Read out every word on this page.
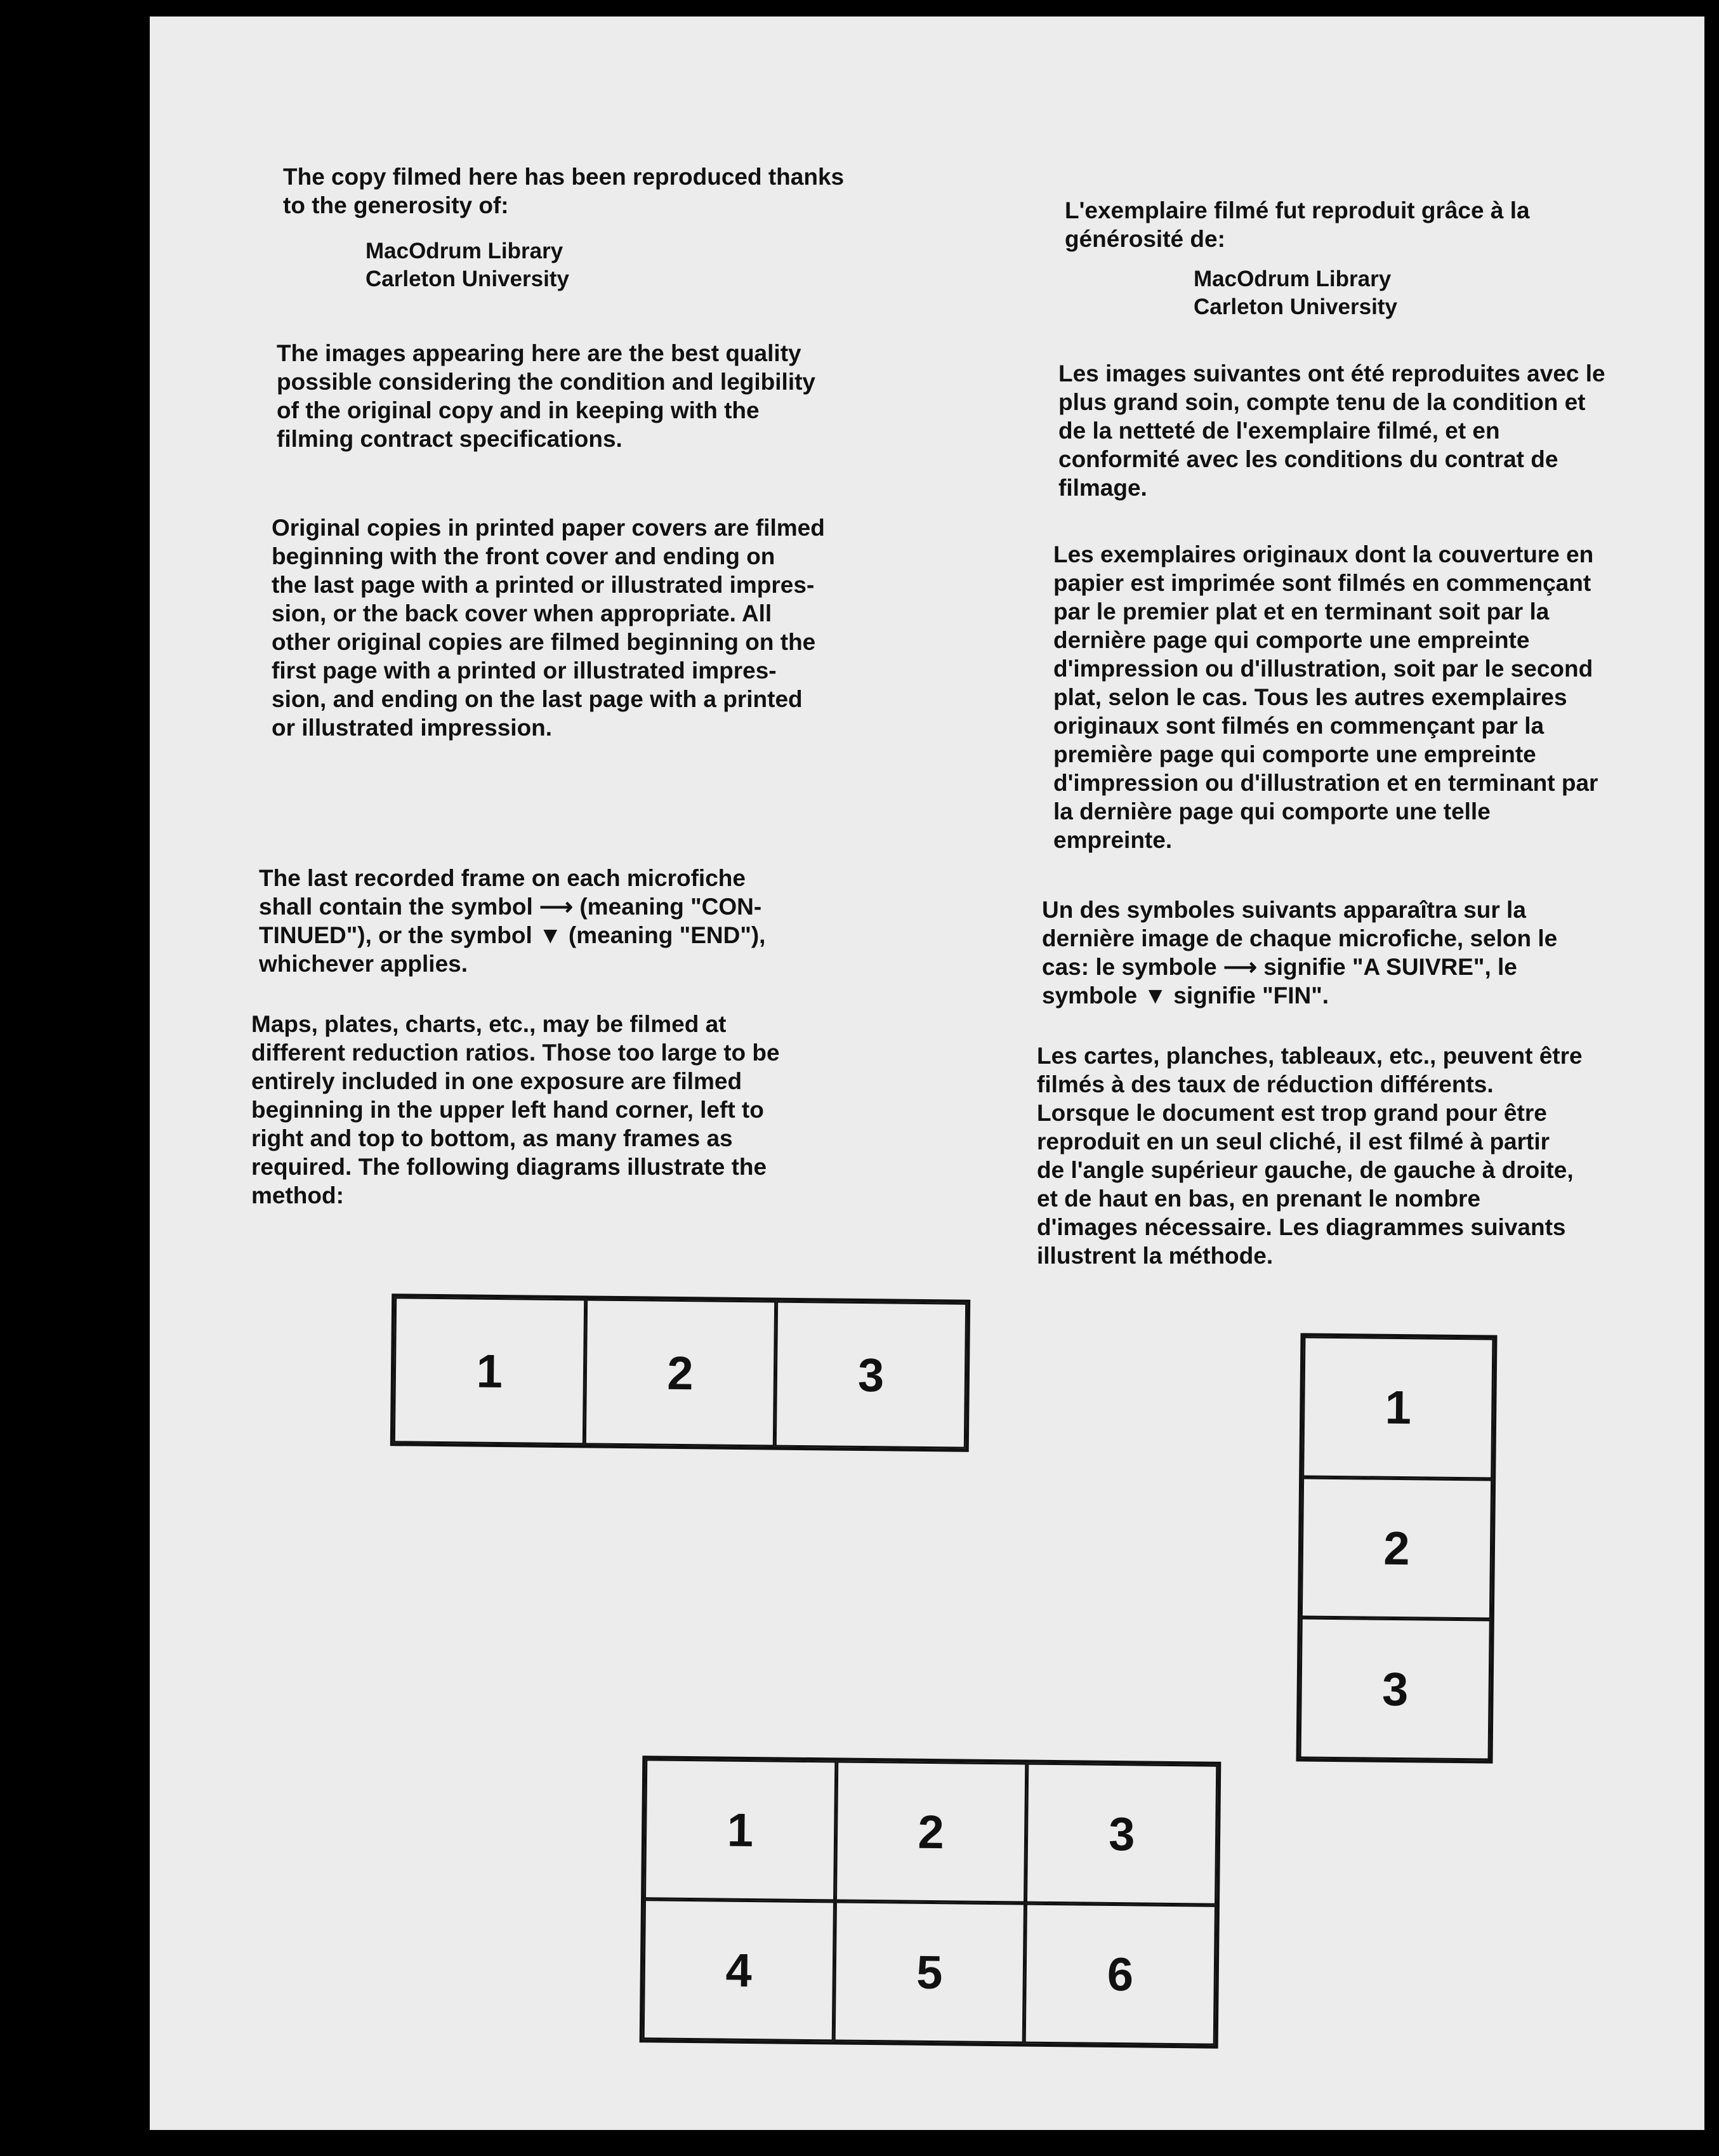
The copy filmed here has been reproduced thanks
to the generosity of:

MacOdrum Library
Carleton University

The images appearing here are the best quality
possible considering the condition and legibility
of the original copy and in keeping with the
filming contract specifications.

Original copies in printed paper covers are filmed
beginning with the front cover and ending on
the last page with a printed or illustrated impres-
sion, or the back cover when appropriate. All
other original copies are filmed beginning on the
first page with a printed or illustrated impres-
sion, and ending on the last page with a printed
or illustrated impression.

The last recorded frame on each microfiche
shall contain the symbol ⟶ (meaning "CON-
TINUED"), or the symbol ▼ (meaning "END"),
whichever applies.

Maps, plates, charts, etc., may be filmed at
different reduction ratios. Those too large to be
entirely included in one exposure are filmed
beginning in the upper left hand corner, left to
right and top to bottom, as many frames as
required. The following diagrams illustrate the
method:

L'exemplaire filmé fut reproduit grâce à la
générosité de:

MacOdrum Library
Carleton University

Les images suivantes ont été reproduites avec le
plus grand soin, compte tenu de la condition et
de la netteté de l'exemplaire filmé, et en
conformité avec les conditions du contrat de
filmage.

Les exemplaires originaux dont la couverture en
papier est imprimée sont filmés en commençant
par le premier plat et en terminant soit par la
dernière page qui comporte une empreinte
d'impression ou d'illustration, soit par le second
plat, selon le cas. Tous les autres exemplaires
originaux sont filmés en commençant par la
première page qui comporte une empreinte
d'impression ou d'illustration et en terminant par
la dernière page qui comporte une telle
empreinte.

Un des symboles suivants apparaîtra sur la
dernière image de chaque microfiche, selon le
cas: le symbole ⟶ signifie "A SUIVRE", le
symbole ▼ signifie "FIN".

Les cartes, planches, tableaux, etc., peuvent être
filmés à des taux de réduction différents.
Lorsque le document est trop grand pour être
reproduit en un seul cliché, il est filmé à partir
de l'angle supérieur gauche, de gauche à droite,
et de haut en bas, en prenant le nombre
d'images nécessaire. Les diagrammes suivants
illustrent la méthode.

1	2	3
1
2
3
1	2	3
4	5	6
